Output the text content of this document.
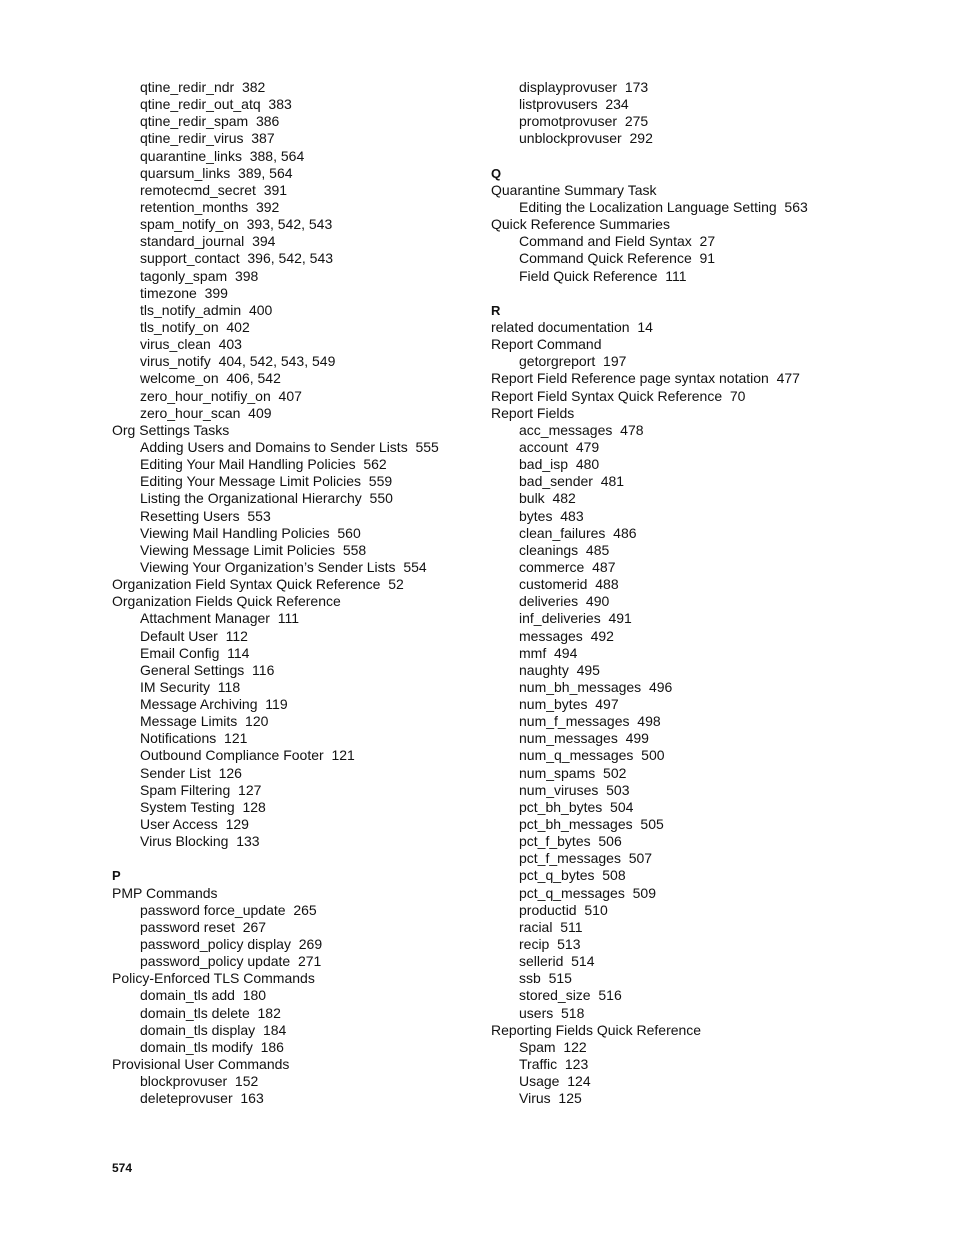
qtine_redir_ndr  382
qtine_redir_out_atq  383
qtine_redir_spam  386
qtine_redir_virus  387
quarantine_links  388, 564
quarsum_links  389, 564
remotecmd_secret  391
retention_months  392
spam_notify_on  393, 542, 543
standard_journal  394
support_contact  396, 542, 543
tagonly_spam  398
timezone  399
tls_notify_admin  400
tls_notify_on  402
virus_clean  403
virus_notify  404, 542, 543, 549
welcome_on  406, 542
zero_hour_notifiy_on  407
zero_hour_scan  409
Org Settings Tasks
Adding Users and Domains to Sender Lists  555
Editing Your Mail Handling Policies  562
Editing Your Message Limit Policies  559
Listing the Organizational Hierarchy  550
Resetting Users  553
Viewing Mail Handling Policies  560
Viewing Message Limit Policies  558
Viewing Your Organization’s Sender Lists  554
Organization Field Syntax Quick Reference  52
Organization Fields Quick Reference
Attachment Manager  111
Default User  112
Email Config  114
General Settings  116
IM Security  118
Message Archiving  119
Message Limits  120
Notifications  121
Outbound Compliance Footer  121
Sender List  126
Spam Filtering  127
System Testing  128
User Access  129
Virus Blocking  133
P
PMP Commands
password force_update  265
password reset  267
password_policy display  269
password_policy update  271
Policy-Enforced TLS Commands
domain_tls add  180
domain_tls delete  182
domain_tls display  184
domain_tls modify  186
Provisional User Commands
blockprovuser  152
deleteprovuser  163
displayprovuser  173
listprovusers  234
promotprovuser  275
unblockprovuser  292
Q
Quarantine Summary Task
Editing the Localization Language Setting  563
Quick Reference Summaries
Command and Field Syntax  27
Command Quick Reference  91
Field Quick Reference  111
R
related documentation  14
Report Command
getorgreport  197
Report Field Reference page syntax notation  477
Report Field Syntax Quick Reference  70
Report Fields
acc_messages  478
account  479
bad_isp  480
bad_sender  481
bulk  482
bytes  483
clean_failures  486
cleanings  485
commerce  487
customerid  488
deliveries  490
inf_deliveries  491
messages  492
mmf  494
naughty  495
num_bh_messages  496
num_bytes  497
num_f_messages  498
num_messages  499
num_q_messages  500
num_spams  502
num_viruses  503
pct_bh_bytes  504
pct_bh_messages  505
pct_f_bytes  506
pct_f_messages  507
pct_q_bytes  508
pct_q_messages  509
productid  510
racial  511
recip  513
sellerid  514
ssb  515
stored_size  516
users  518
Reporting Fields Quick Reference
Spam  122
Traffic  123
Usage  124
Virus  125
574
